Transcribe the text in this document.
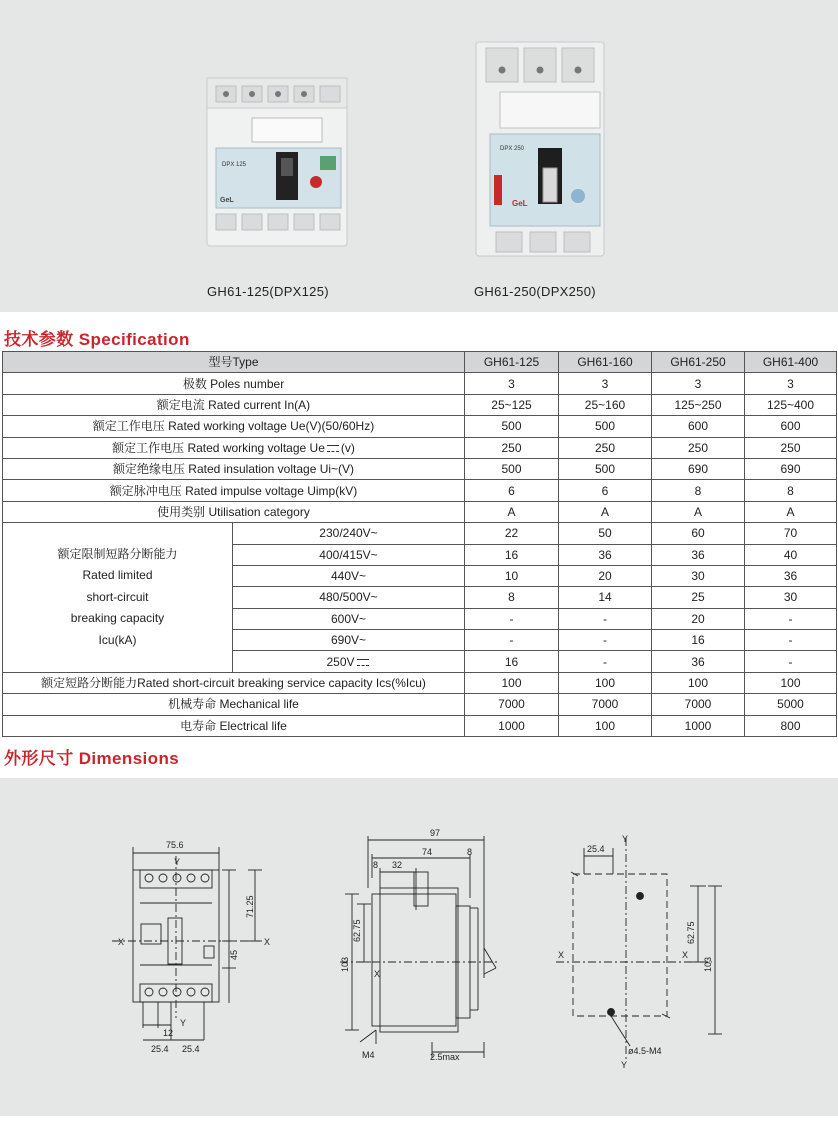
DPX 125
GeL
DPX 250
GeL
GH61-125(DPX125)	GH61-250(DPX250)
技术参数 Specification
型号Type		GH61-125	GH61-160	GH61-250	GH61-400
极数 Poles number		3	3	3	3
额定电流 Rated current In(A)		25~125	25~160	125~250	125~400
额定工作电压 Rated working voltage Ue(V)(50/60Hz)		500	500	600	600
额定工作电压 Rated working voltage Ue (v)		250	250	250	250
额定绝缘电压 Rated insulation voltage Ui~(V)		500	500	690	690
额定脉冲电压 Rated impulse voltage Uimp(kV)		6	6	8	8
使用类别 Utilisation category		A	A	A	A

额定限制短路分断能力
Rated limited
short-circuit
breaking capacity
Icu(kA)	230/240V~	22	50	60	70
	400/415V~	16	36	36	40
	440V~	10	20	30	36
	480/500V~	8	14	25	30
	600V~	-	-	20	-
	690V~	-	-	16	-
	250V	16	-	36	-
额定短路分断能力Rated short-circuit breaking service capacity Ics(%Icu)		100	100	100	100
机械寿命 Mechanical life		7000	7000	7000	5000
电寿命 Electrical life		1000	100	1000	800
外形尺寸 Dimensions
75.6
Y
Y
X	X
71.25
45
12
25.4 25.4
97
74	8
8 32
103
62.75
X
M4	2.5max
25.4
Y
Y
X	X
62.75
103
ø4.5-M4
